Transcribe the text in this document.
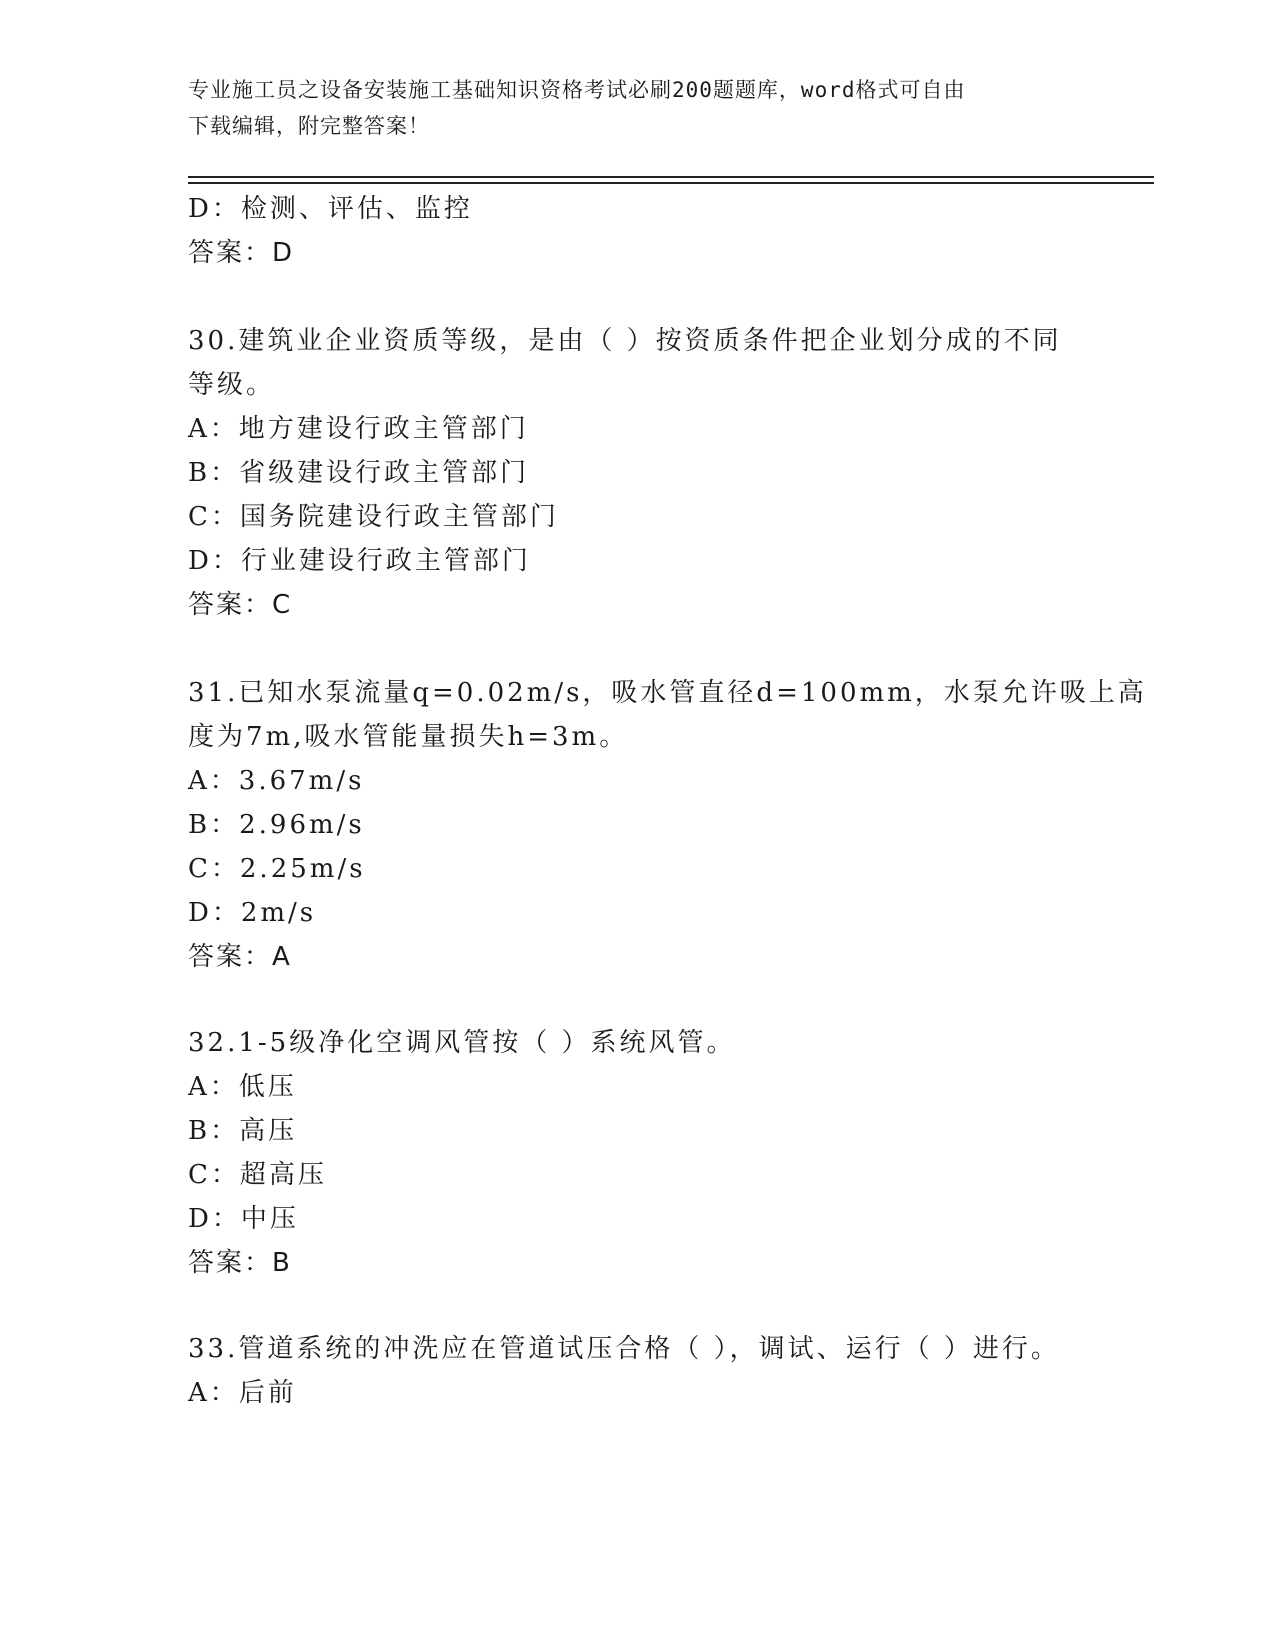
专业施工员之设备安装施工基础知识资格考试必刷200题题库，word格式可自由
下载编辑，附完整答案！
D：检测、评估、监控
答案：D
30.建筑业企业资质等级，是由（ ）按资质条件把企业划分成的不同
等级。
A：地方建设行政主管部门
B：省级建设行政主管部门
C：国务院建设行政主管部门
D：行业建设行政主管部门
答案：C
31.已知水泵流量q=0.02m/s，吸水管直径d=100mm，水泵允许吸上高
度为7m,吸水管能量损失h=3m。
A：3.67m/s
B：2.96m/s
C：2.25m/s
D：2m/s
答案：A
32.1-5级净化空调风管按（ ）系统风管。
A：低压
B：高压
C：超高压
D：中压
答案：B
33.管道系统的冲洗应在管道试压合格（ ），调试、运行（ ）进行。
A：后前
